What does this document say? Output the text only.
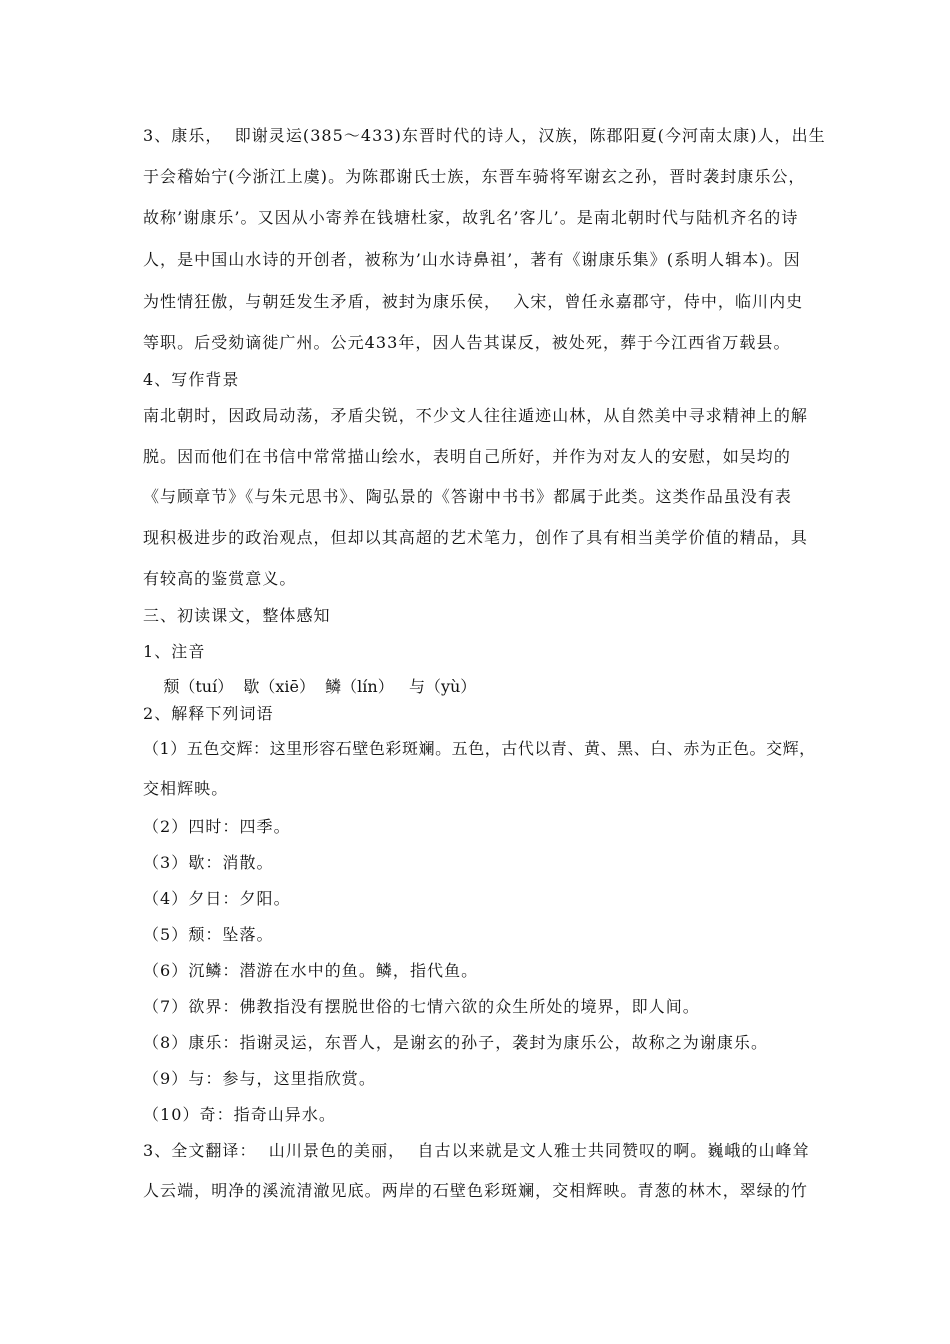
3、康乐，  即谢灵运(385～433)东晋时代的诗人，汉族，陈郡阳夏(今河南太康)人，出生
于会稽始宁(今浙江上虞)。为陈郡谢氏士族，东晋车骑将军谢玄之孙，晋时袭封康乐公，
故称’谢康乐’。又因从小寄养在钱塘杜家，故乳名’客儿’。是南北朝时代与陆机齐名的诗
人，是中国山水诗的开创者，被称为’山水诗鼻祖’，著有《谢康乐集》(系明人辑本)。因
为性情狂傲，与朝廷发生矛盾，被封为康乐侯，  入宋，曾任永嘉郡守，侍中，临川内史
等职。后受劾谪徙广州。公元433年，因人告其谋反，被处死，葬于今江西省万载县。
4、写作背景
南北朝时，因政局动荡，矛盾尖锐，不少文人往往遁迹山林，从自然美中寻求精神上的解
脱。因而他们在书信中常常描山绘水，表明自己所好，并作为对友人的安慰，如吴均的
《与顾章节》《与朱元思书》、陶弘景的《答谢中书书》都属于此类。这类作品虽没有表
现积极进步的政治观点，但却以其高超的艺术笔力，创作了具有相当美学价值的精品，具
有较高的鉴赏意义。
三、初读课文，整体感知
1、注音
颓（tuí）  歇（xiē）  鳞（lín）   与（yù）
2、解释下列词语
（1）五色交辉：这里形容石壁色彩斑斓。五色，古代以青、黄、黑、白、赤为正色。交辉，
交相辉映。
（2）四时：四季。
（3）歇：消散。
（4）夕日：夕阳。
（5）颓：坠落。
（6）沉鳞：潜游在水中的鱼。鳞，指代鱼。
（7）欲界：佛教指没有摆脱世俗的七情六欲的众生所处的境界，即人间。
（8）康乐：指谢灵运，东晋人，是谢玄的孙子，袭封为康乐公，故称之为谢康乐。
（9）与：参与，这里指欣赏。
（10）奇：指奇山异水。
3、全文翻译：  山川景色的美丽，  自古以来就是文人雅士共同赞叹的啊。巍峨的山峰耸
人云端，明净的溪流清澈见底。两岸的石壁色彩斑斓，交相辉映。青葱的林木，翠绿的竹
